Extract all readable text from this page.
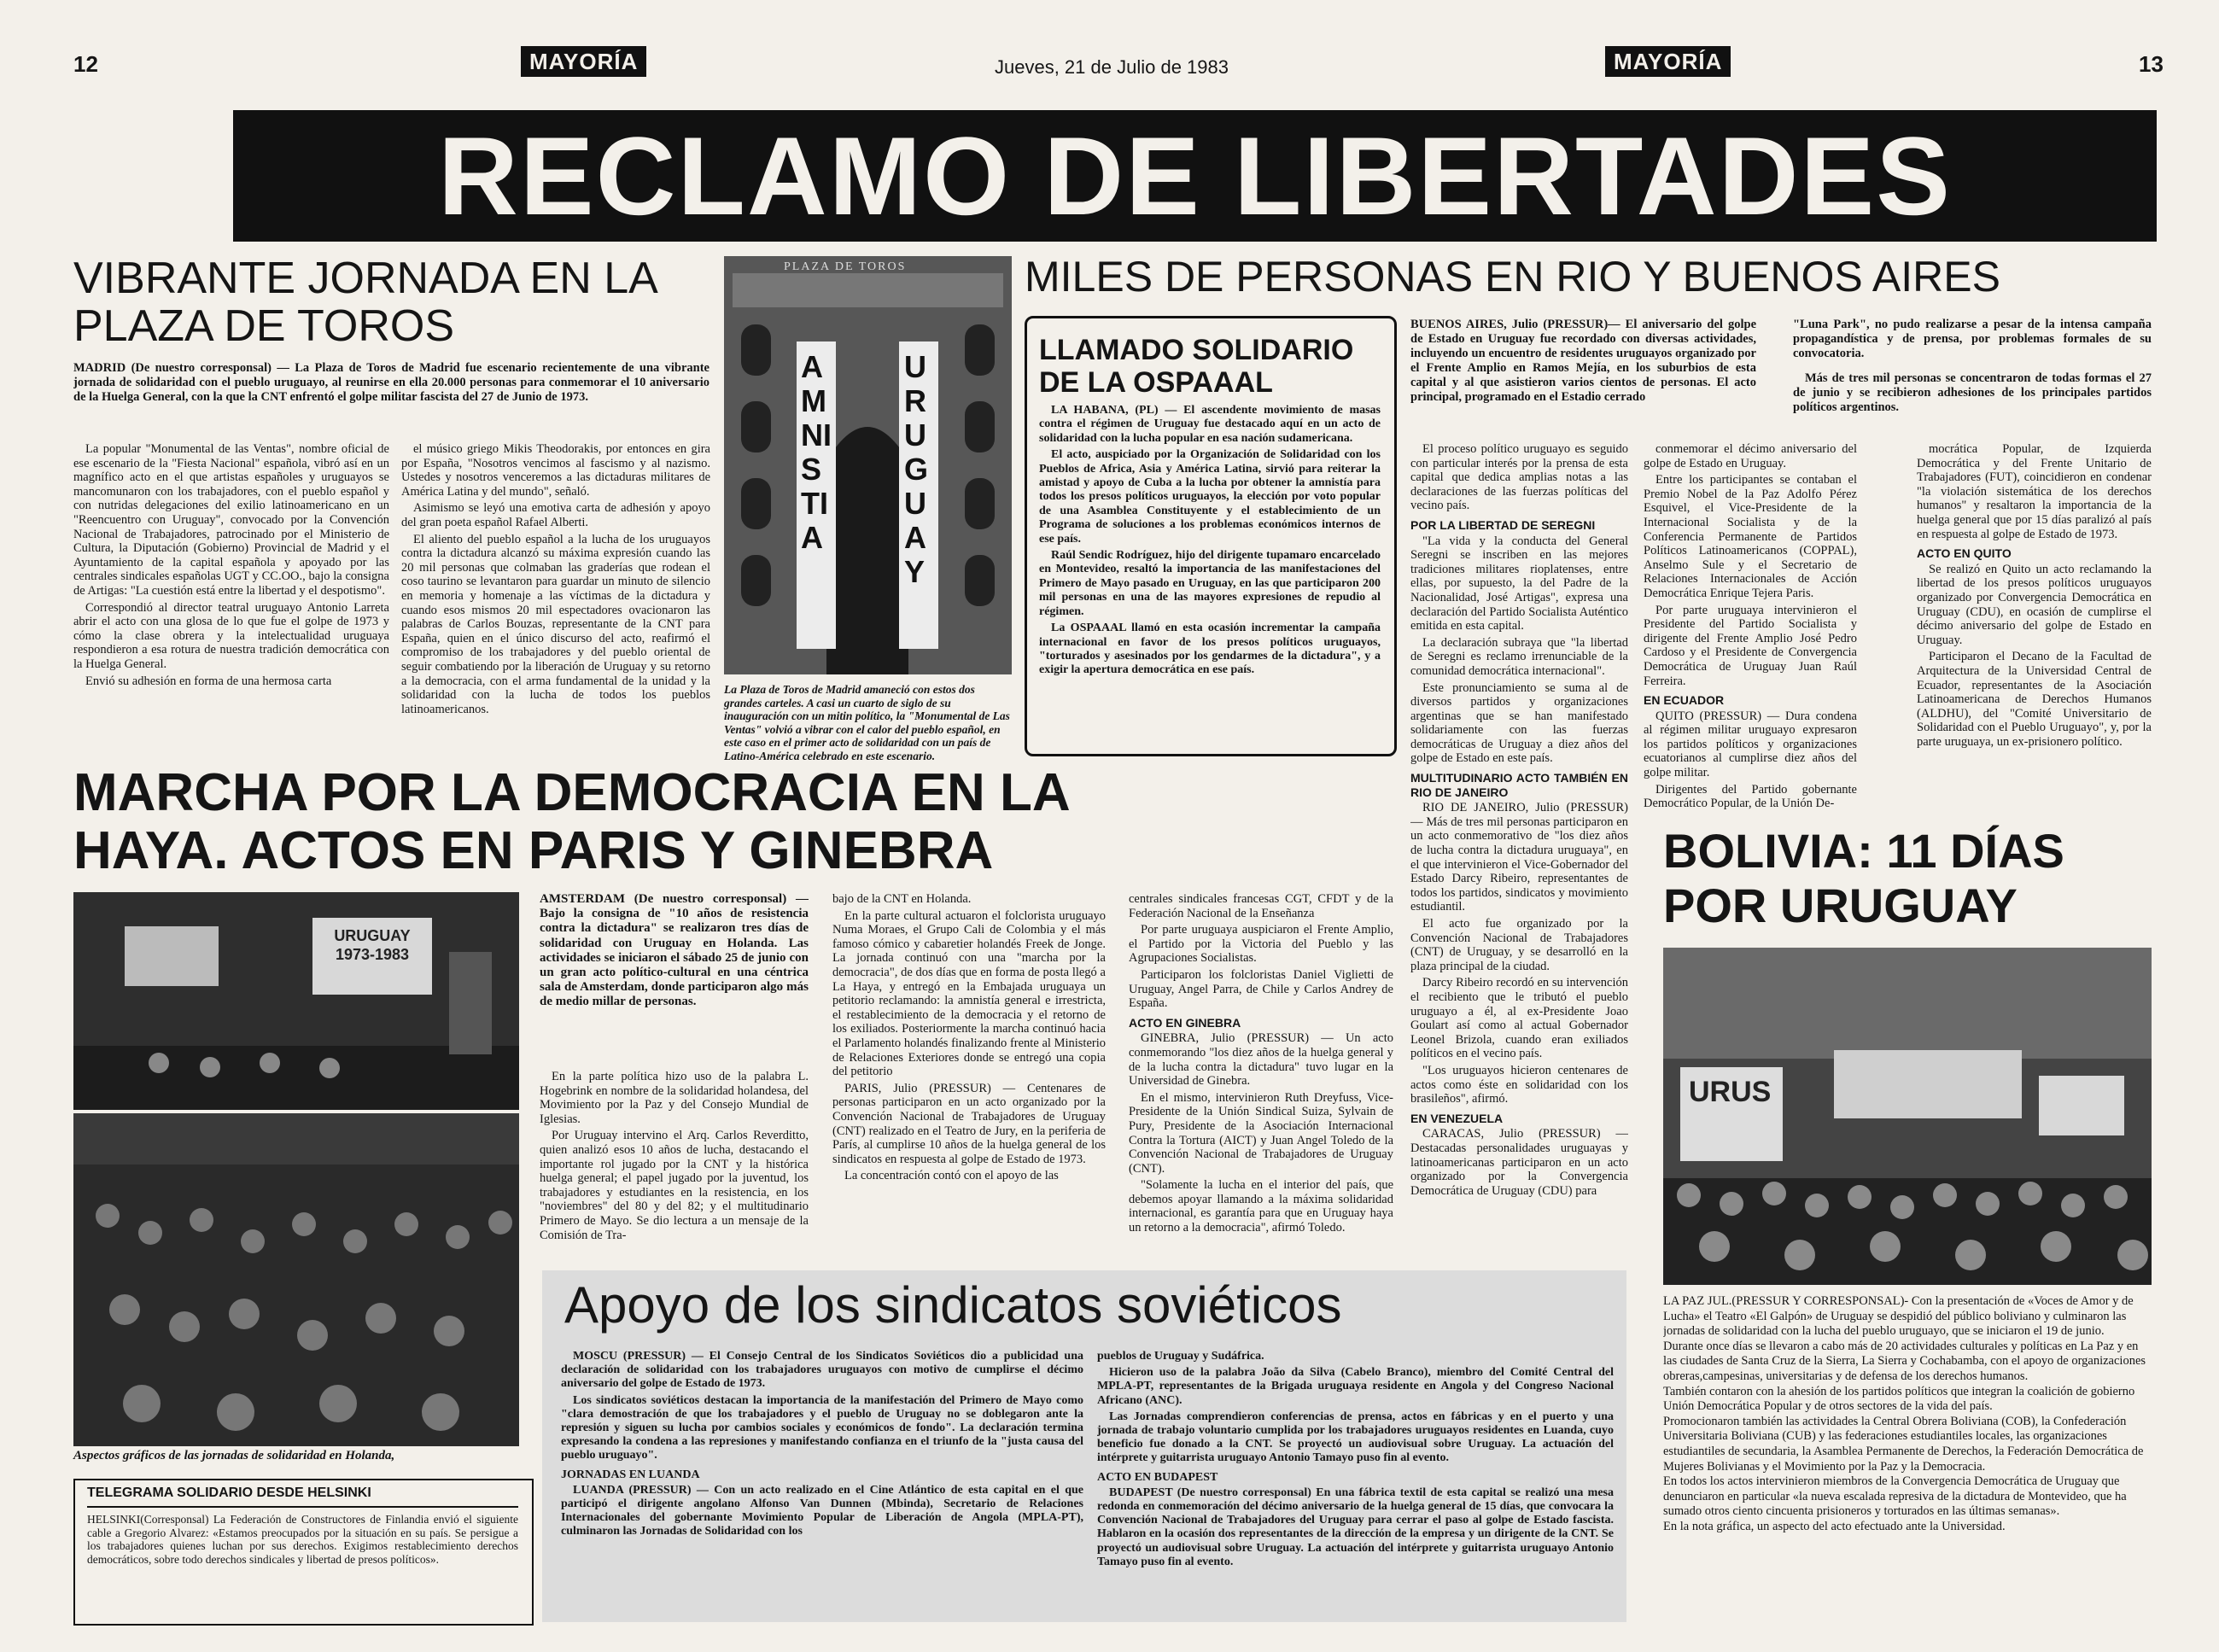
12	MAYORÍA	Jueves, 21 de Julio de 1983	MAYORÍA	13
RECLAMO DE LIBERTADES
VIBRANTE JORNADA EN LA PLAZA DE TOROS
MADRID (De nuestro corresponsal) — La Plaza de Toros de Madrid fue escenario recientemente de una vibrante jornada de solidaridad con el pueblo uruguayo, al reunirse en ella 20.000 personas para conmemorar el 10 aniversario de la Huelga General, con la que la CNT enfrentó el golpe militar fascista del 27 de Junio de 1973.

La popular "Monumental de las Ventas", nombre oficial de ese escenario de la "Fiesta Nacional" española, vibró así en un magnífico acto en el que artistas españoles y uruguayos se mancomunaron con los trabajadores, con el pueblo español y con nutridas delegaciones del exilio latinoamericano en un "Reencuentro con Uruguay", convocado por la Convención Nacional de Trabajadores, patrocinado por el Ministerio de Cultura, la Diputación (Gobierno) Provincial de Madrid y el Ayuntamiento de la capital española y apoyado por las centrales sindicales españolas UGT y CC.OO., bajo la consigna de Artigas: "La cuestión está entre la libertad y el despotismo".

Correspondió al director teatral uruguayo Antonio Larreta abrir el acto con una glosa de lo que fue el golpe de 1973 y cómo la clase obrera y la intelectualidad uruguaya respondieron a esa rotura de nuestra tradición democrática con la Huelga General.

Envió su adhesión en forma de una hermosa carta

el músico griego Mikis Theodorakis, por entonces en gira por España, "Nosotros vencimos al fascismo y al nazismo. Ustedes y nosotros venceremos a las dictaduras militares de América Latina y del mundo", señaló.

Asimismo se leyó una emotiva carta de adhesión y apoyo del gran poeta español Rafael Alberti.

El aliento del pueblo español a la lucha de los uruguayos contra la dictadura alcanzó su máxima expresión cuando las 20 mil personas que colmaban las graderías que rodean el coso taurino se levantaron para guardar un minuto de silencio en memoria y homenaje a las víctimas de la dictadura y cuando esos mismos 20 mil espectadores ovacionaron las palabras de Carlos Bouzas, representante de la CNT para España, quien en el único discurso del acto, reafirmó el compromiso de los trabajadores y del pueblo oriental de seguir combatiendo por la liberación de Uruguay y su retorno a la democracia, con el arma fundamental de la unidad y la solidaridad con la lucha de todos los pueblos latinoamericanos.

PLAZA DE TOROS
AMNISTIA
URUGUAY
La Plaza de Toros de Madrid amaneció con estos dos grandes carteles. A casi un cuarto de siglo de su inauguración con un mitin político, la "Monumental de Las Ventas" volvió a vibrar con el calor del pueblo español, en este caso en el primer acto de solidaridad con un país de Latino-América celebrado en este escenario.
MILES DE PERSONAS EN RIO Y BUENOS AIRES
LLAMADO SOLIDARIO DE LA OSPAAAL

LA HABANA, (PL) — El ascendente movimiento de masas contra el régimen de Uruguay fue destacado aquí en un acto de solidaridad con la lucha popular en esa nación sudamericana.

El acto, auspiciado por la Organización de Solidaridad con los Pueblos de Africa, Asia y América Latina, sirvió para reiterar la amistad y apoyo de Cuba a la lucha por obtener la amnistía para todos los presos políticos uruguayos, la elección por voto popular de una Asamblea Constituyente y el establecimiento de un Programa de soluciones a los problemas económicos internos de ese país.

Raúl Sendic Rodríguez, hijo del dirigente tupamaro encarcelado en Montevideo, resaltó la importancia de las manifestaciones del Primero de Mayo pasado en Uruguay, en las que participaron 200 mil personas en una de las mayores expresiones de repudio al régimen.

La OSPAAAL llamó en esta ocasión incrementar la campaña internacional en favor de los presos políticos uruguayos, "torturados y asesinados por los gendarmes de la dictadura", y a exigir la apertura democrática en ese país.

BUENOS AIRES, Julio (PRESSUR)— El aniversario del golpe de Estado en Uruguay fue recordado con diversas actividades, incluyendo un encuentro de residentes uruguayos organizado por el Frente Amplio en Ramos Mejía, en los suburbios de esta capital y al que asistieron varios cientos de personas. El acto principal, programado en el Estadio cerrado

"Luna Park", no pudo realizarse a pesar de la intensa campaña propagandística y de prensa, por problemas formales de su convocatoria.

Más de tres mil personas se concentraron de todas formas el 27 de junio y se recibieron adhesiones de los principales partidos políticos argentinos.

El proceso político uruguayo es seguido con particular interés por la prensa de esta capital que dedica amplias notas a las declaraciones de las fuerzas políticas del vecino país.

POR LA LIBERTAD DE SEREGNI

"La vida y la conducta del General Seregni se inscriben en las mejores tradiciones militares rioplatenses, entre ellas, por supuesto, la del Padre de la Nacionalidad, José Artigas", expresa una declaración del Partido Socialista Auténtico emitida en esta capital.

La declaración subraya que "la libertad de Seregni es reclamo irrenunciable de la comunidad democrática internacional".

Este pronunciamiento se suma al de diversos partidos y organizaciones argentinas que se han manifestado solidariamente con las fuerzas democráticas de Uruguay a diez años del golpe de Estado en este país.

MULTITUDINARIO ACTO TAMBIÉN EN RIO DE JANEIRO

RIO DE JANEIRO, Julio (PRESSUR) — Más de tres mil personas participaron en un acto conmemorativo de "los diez años de lucha contra la dictadura uruguaya", en el que intervinieron el Vice-Gobernador del Estado Darcy Ribeiro, representantes de todos los partidos, sindicatos y movimiento estudiantil.

El acto fue organizado por la Convención Nacional de Trabajadores (CNT) de Uruguay, y se desarrolló en la plaza principal de la ciudad.

Darcy Ribeiro recordó en su intervención el recibiento que le tributó el pueblo uruguayo a él, al ex-Presidente Joao Goulart así como al actual Gobernador Leonel Brizola, cuando eran exiliados políticos en el vecino país.

"Los uruguayos hicieron centenares de actos como éste en solidaridad con los brasileños", afirmó.

EN VENEZUELA

CARACAS, Julio (PRESSUR) — Destacadas personalidades uruguayas y latinoamericanas participaron en un acto organizado por la Convergencia Democrática de Uruguay (CDU) para

conmemorar el décimo aniversario del golpe de Estado en Uruguay.

Entre los participantes se contaban el Premio Nobel de la Paz Adolfo Pérez Esquivel, el Vice-Presidente de la Internacional Socialista y de la Conferencia Permanente de Partidos Políticos Latinoamericanos (COPPAL), Anselmo Sule y el Secretario de Relaciones Internacionales de Acción Democrática Enrique Tejera Paris.

Por parte uruguaya intervinieron el Presidente del Partido Socialista y dirigente del Frente Amplio José Pedro Cardoso y el Presidente de Convergencia Democrática de Uruguay Juan Raúl Ferreira.

EN ECUADOR

QUITO (PRESSUR) — Dura condena al régimen militar uruguayo expresaron los partidos políticos y organizaciones ecuatorianos al cumplirse diez años del golpe militar.

Dirigentes del Partido gobernante Democrático Popular, de la Unión De-

mocrática Popular, de Izquierda Democrática y del Frente Unitario de Trabajadores (FUT), coincidieron en condenar "la violación sistemática de los derechos humanos" y resaltaron la importancia de la huelga general que por 15 días paralizó al país en respuesta al golpe de Estado de 1973.

ACTO EN QUITO

Se realizó en Quito un acto reclamando la libertad de los presos políticos uruguayos organizado por Convergencia Democrática en Uruguay (CDU), en ocasión de cumplirse el décimo aniversario del golpe de Estado en Uruguay.

Participaron el Decano de la Facultad de Arquitectura de la Universidad Central de Ecuador, representantes de la Asociación Latinoamericana de Derechos Humanos (ALDHU), del "Comité Universitario de Solidaridad con el Pueblo Uruguayo", y, por la parte uruguaya, un ex-prisionero político.

MARCHA POR LA DEMOCRACIA EN LA
HAYA. ACTOS EN PARIS Y GINEBRA
URUGUAY 1973-1983
Aspectos gráficos de las jornadas de solidaridad en Holanda,
AMSTERDAM (De nuestro corresponsal) — Bajo la consigna de "10 años de resistencia contra la dictadura" se realizaron tres días de solidaridad con Uruguay en Holanda. Las actividades se iniciaron el sábado 25 de junio con un gran acto político-cultural en una céntrica sala de Amsterdam, donde participaron algo más de medio millar de personas.

En la parte política hizo uso de la palabra L. Hogebrink en nombre de la solidaridad holandesa, del Movimiento por la Paz y del Consejo Mundial de Iglesias.

Por Uruguay intervino el Arq. Carlos Reverditto, quien analizó esos 10 años de lucha, destacando el importante rol jugado por la CNT y la histórica huelga general; el papel jugado por la juventud, los trabajadores y estudiantes en la resistencia, en los "noviembres" del 80 y del 82; y el multitudinario Primero de Mayo. Se dio lectura a un mensaje de la Comisión de Tra-

bajo de la CNT en Holanda.

En la parte cultural actuaron el folclorista uruguayo Numa Moraes, el Grupo Cali de Colombia y el más famoso cómico y cabaretier holandés Freek de Jonge. La jornada continuó con una "marcha por la democracia", de dos días que en forma de posta llegó a La Haya, y entregó en la Embajada uruguaya un petitorio reclamando: la amnistía general e irrestricta, el restablecimiento de la democracia y el retorno de los exiliados. Posteriormente la marcha continuó hacia el Parlamento holandés finalizando frente al Ministerio de Relaciones Exteriores donde se entregó una copia del petitorio

PARIS, Julio (PRESSUR) — Centenares de personas participaron en un acto organizado por la Convención Nacional de Trabajadores de Uruguay (CNT) realizado en el Teatro de Jury, en la periferia de París, al cumplirse 10 años de la huelga general de los sindicatos en respuesta al golpe de Estado de 1973.

La concentración contó con el apoyo de las

centrales sindicales francesas CGT, CFDT y de la Federación Nacional de la Enseñanza

Por parte uruguaya auspiciaron el Frente Amplio, el Partido por la Victoria del Pueblo y las Agrupaciones Socialistas.

Participaron los folcloristas Daniel Viglietti de Uruguay, Angel Parra, de Chile y Carlos Andrey de España.

ACTO EN GINEBRA

GINEBRA, Julio (PRESSUR) — Un acto conmemorando "los diez años de la huelga general y de la lucha contra la dictadura" tuvo lugar en la Universidad de Ginebra.

En el mismo, intervinieron Ruth Dreyfuss, Vice-Presidente de la Unión Sindical Suiza, Sylvain de Pury, Presidente de la Asociación Internacional Contra la Tortura (AICT) y Juan Angel Toledo de la Convención Nacional de Trabajadores de Uruguay (CNT).

"Solamente la lucha en el interior del país, que debemos apoyar llamando a la máxima solidaridad internacional, es garantía para que en Uruguay haya un retorno a la democracia", afirmó Toledo.

TELEGRAMA SOLIDARIO DESDE HELSINKI
HELSINKI(Corresponsal) La Federación de Constructores de Finlandia envió el siguiente cable a Gregorio Alvarez: «Estamos preocupados por la situación en su país. Se persigue a los trabajadores quienes luchan por sus derechos. Exigimos restablecimiento derechos democráticos, sobre todo derechos sindicales y libertad de presos políticos».
Apoyo de los sindicatos soviéticos

MOSCU (PRESSUR) — El Consejo Central de los Sindicatos Soviéticos dio a publicidad una declaración de solidaridad con los trabajadores uruguayos con motivo de cumplirse el décimo aniversario del golpe de Estado de 1973.

Los sindicatos soviéticos destacan la importancia de la manifestación del Primero de Mayo como "clara demostración de que los trabajadores y el pueblo de Uruguay no se doblegaron ante la represión y siguen su lucha por cambios sociales y económicos de fondo". La declaración termina expresando la condena a las represiones y manifestando confianza en el triunfo de la "justa causa del pueblo uruguayo".

JORNADAS EN LUANDA

LUANDA (PRESSUR) — Con un acto realizado en el Cine Atlántico de esta capital en el que participó el dirigente angolano Alfonso Van Dunnen (Mbinda), Secretario de Relaciones Internacionales del gobernante Movimiento Popular de Liberación de Angola (MPLA-PT), culminaron las Jornadas de Solidaridad con los

pueblos de Uruguay y Sudáfrica.

Hicieron uso de la palabra João da Silva (Cabelo Branco), miembro del Comité Central del MPLA-PT, representantes de la Brigada uruguaya residente en Angola y del Congreso Nacional Africano (ANC).

Las Jornadas comprendieron conferencias de prensa, actos en fábricas y en el puerto y una jornada de trabajo voluntario cumplida por los trabajadores uruguayos residentes en Luanda, cuyo beneficio fue donado a la CNT. Se proyectó un audiovisual sobre Uruguay. La actuación del intérprete y guitarrista uruguayo Antonio Tamayo puso fin al evento.

ACTO EN BUDAPEST

BUDAPEST (De nuestro corresponsal) En una fábrica textil de esta capital se realizó una mesa redonda en conmemoración del décimo aniversario de la huelga general de 15 días, que convocara la Convención Nacional de Trabajadores del Uruguay para cerrar el paso al golpe de Estado fascista. Hablaron en la ocasión dos representantes de la dirección de la empresa y un dirigente de la CNT. Se proyectó un audiovisual sobre Uruguay. La actuación del intérprete y guitarrista uruguayo Antonio Tamayo puso fin al evento.

BOLIVIA: 11 DÍAS POR URUGUAY
URUS

LA PAZ JUL.(PRESSUR Y CORRESPONSAL)- Con la presentación de «Voces de Amor y de Lucha» el Teatro «El Galpón» de Uruguay se despidió del público boliviano y culminaron las jornadas de solidaridad con la lucha del pueblo uruguayo, que se iniciaron el 19 de junio.

Durante once días se llevaron a cabo más de 20 actividades culturales y políticas en La Paz y en las ciudades de Santa Cruz de la Sierra, La Sierra y Cochabamba, con el apoyo de organizaciones obreras,campesinas, universitarias y de defensa de los derechos humanos.

También contaron con la ahesión de los partidos políticos que integran la coalición de gobierno Unión Democrática Popular y de otros sectores de la vida del país.

Promocionaron también las actividades la Central Obrera Boliviana (COB), la Confederación Universitaria Boliviana (CUB) y las federaciones estudiantiles locales, las organizaciones estudiantiles de secundaria, la Asamblea Permanente de Derechos, la Federación Democrática de Mujeres Bolivianas y el Movimiento por la Paz y la Democracia.

En todos los actos intervinieron miembros de la Convergencia Democrática de Uruguay que denunciaron en particular «la nueva escalada represiva de la dictadura de Montevideo, que ha sumado otros ciento cincuenta prisioneros y torturados en las últimas semanas».

En la nota gráfica, un aspecto del acto efectuado ante la Universidad.
